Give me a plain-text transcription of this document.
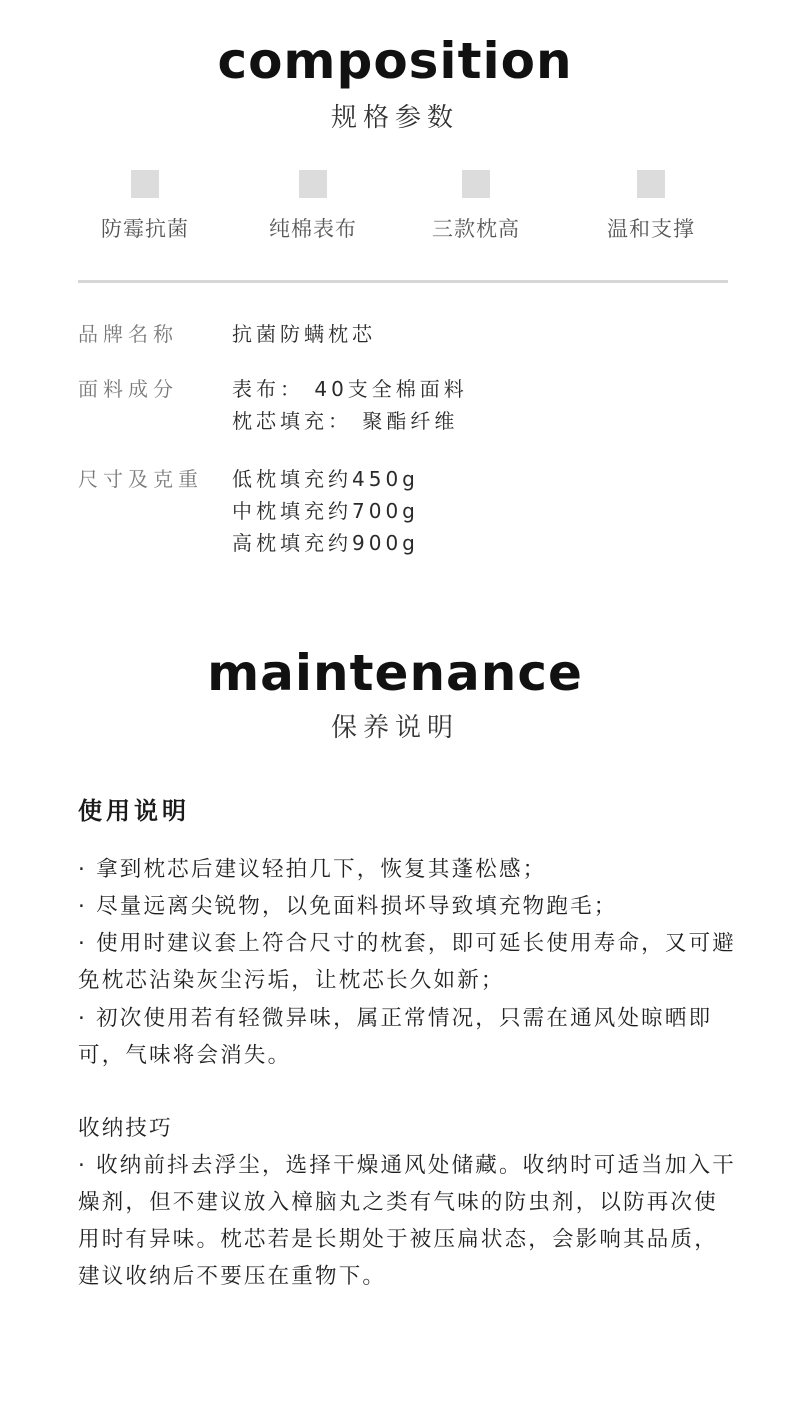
composition
规格参数
防霉抗菌	纯棉表布	三款枕高	温和支撑
品牌名称	抗菌防螨枕芯
面料成分	表布： 40支全棉面料
枕芯填充： 聚酯纤维
尺寸及克重	低枕填充约450g
中枕填充约700g
高枕填充约900g
maintenance
保养说明
使用说明
· 拿到枕芯后建议轻拍几下，恢复其蓬松感；
· 尽量远离尖锐物，以免面料损坏导致填充物跑毛；
· 使用时建议套上符合尺寸的枕套，即可延长使用寿命，又可避免枕芯沾染灰尘污垢，让枕芯长久如新；
· 初次使用若有轻微异味，属正常情况，只需在通风处晾晒即可，气味将会消失。
收纳技巧
· 收纳前抖去浮尘，选择干燥通风处储藏。收纳时可适当加入干燥剂，但不建议放入樟脑丸之类有气味的防虫剂，以防再次使用时有异味。枕芯若是长期处于被压扁状态，会影响其品质，建议收纳后不要压在重物下。
